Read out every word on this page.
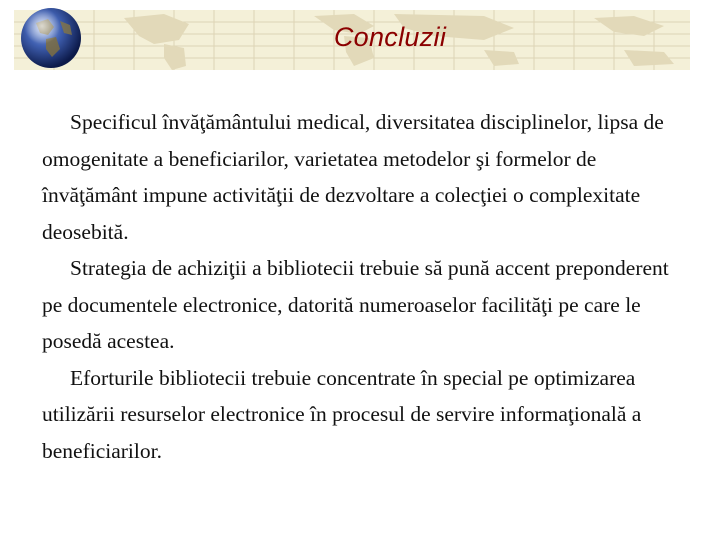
Concluzii

Specificul învăţământului medical, diversitatea disciplinelor, lipsa de omogenitate a beneficiarilor, varietatea metodelor şi formelor de învăţământ impune activităţii de dezvoltare a colecţiei o complexitate deosebită.

Strategia de achiziţii a bibliotecii trebuie să pună accent preponderent pe documentele electronice, datorită numeroaselor facilităţi pe care le posedă acestea.

Eforturile bibliotecii trebuie concentrate în special pe optimizarea utilizării resurselor electronice în procesul de servire informaţională a beneficiarilor.
